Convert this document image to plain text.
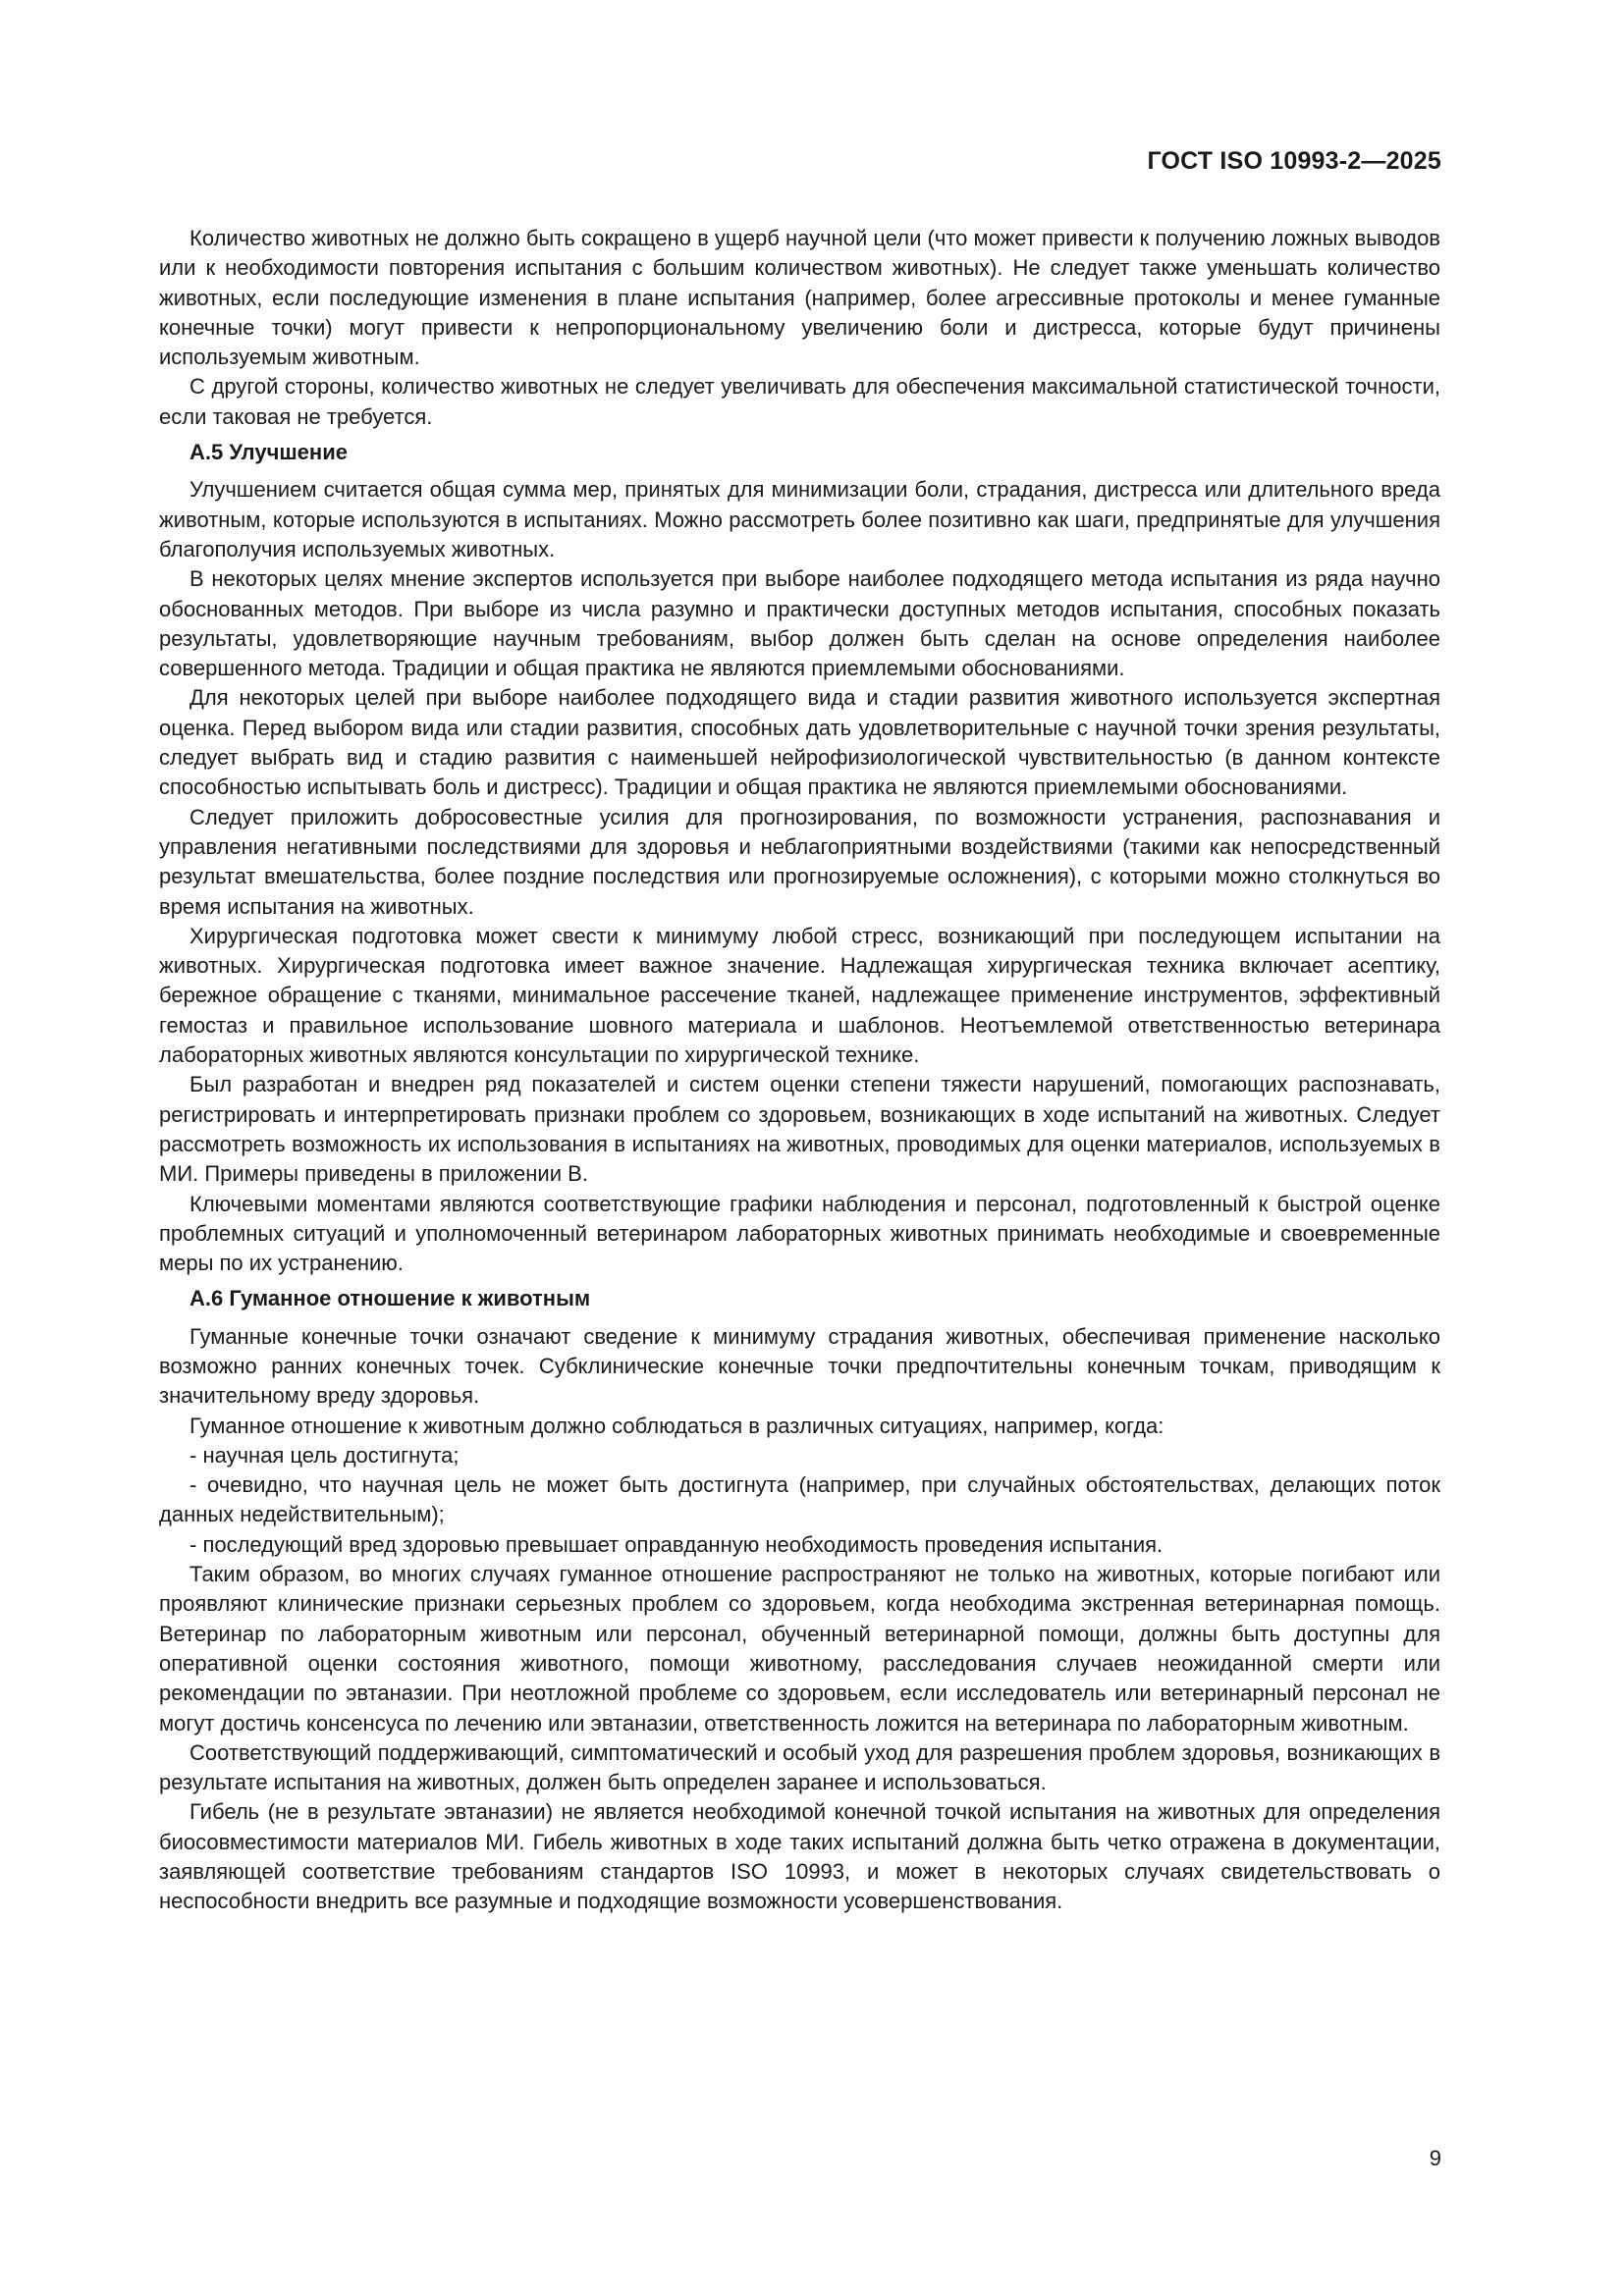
ГОСТ ISO 10993-2—2025

Количество животных не должно быть сокращено в ущерб научной цели (что может привести к получению ложных выводов или к необходимости повторения испытания с большим количеством животных). Не следует также уменьшать количество животных, если последующие изменения в плане испытания (например, более агрессивные протоколы и менее гуманные конечные точки) могут привести к непропорциональному увеличению боли и дистресса, которые будут причинены используемым животным.

С другой стороны, количество животных не следует увеличивать для обеспечения максимальной статистической точности, если таковая не требуется.

А.5 Улучшение

Улучшением считается общая сумма мер, принятых для минимизации боли, страдания, дистресса или длительного вреда животным, которые используются в испытаниях. Можно рассмотреть более позитивно как шаги, предпринятые для улучшения благополучия используемых животных.

В некоторых целях мнение экспертов используется при выборе наиболее подходящего метода испытания из ряда научно обоснованных методов. При выборе из числа разумно и практически доступных методов испытания, способных показать результаты, удовлетворяющие научным требованиям, выбор должен быть сделан на основе определения наиболее совершенного метода. Традиции и общая практика не являются приемлемыми обоснованиями.

Для некоторых целей при выборе наиболее подходящего вида и стадии развития животного используется экспертная оценка. Перед выбором вида или стадии развития, способных дать удовлетворительные с научной точки зрения результаты, следует выбрать вид и стадию развития с наименьшей нейрофизиологической чувствительностью (в данном контексте способностью испытывать боль и дистресс). Традиции и общая практика не являются приемлемыми обоснованиями.

Следует приложить добросовестные усилия для прогнозирования, по возможности устранения, распознавания и управления негативными последствиями для здоровья и неблагоприятными воздействиями (такими как непосредственный результат вмешательства, более поздние последствия или прогнозируемые осложнения), с которыми можно столкнуться во время испытания на животных.

Хирургическая подготовка может свести к минимуму любой стресс, возникающий при последующем испытании на животных. Хирургическая подготовка имеет важное значение. Надлежащая хирургическая техника включает асептику, бережное обращение с тканями, минимальное рассечение тканей, надлежащее применение инструментов, эффективный гемостаз и правильное использование шовного материала и шаблонов. Неотъемлемой ответственностью ветеринара лабораторных животных являются консультации по хирургической технике.

Был разработан и внедрен ряд показателей и систем оценки степени тяжести нарушений, помогающих распознавать, регистрировать и интерпретировать признаки проблем со здоровьем, возникающих в ходе испытаний на животных. Следует рассмотреть возможность их использования в испытаниях на животных, проводимых для оценки материалов, используемых в МИ. Примеры приведены в приложении В.

Ключевыми моментами являются соответствующие графики наблюдения и персонал, подготовленный к быстрой оценке проблемных ситуаций и уполномоченный ветеринаром лабораторных животных принимать необходимые и своевременные меры по их устранению.

А.6 Гуманное отношение к животным

Гуманные конечные точки означают сведение к минимуму страдания животных, обеспечивая применение насколько возможно ранних конечных точек. Субклинические конечные точки предпочтительны конечным точкам, приводящим к значительному вреду здоровья.

Гуманное отношение к животным должно соблюдаться в различных ситуациях, например, когда:

- научная цель достигнута;

- очевидно, что научная цель не может быть достигнута (например, при случайных обстоятельствах, делающих поток данных недействительным);

- последующий вред здоровью превышает оправданную необходимость проведения испытания.

Таким образом, во многих случаях гуманное отношение распространяют не только на животных, которые погибают или проявляют клинические признаки серьезных проблем со здоровьем, когда необходима экстренная ветеринарная помощь. Ветеринар по лабораторным животным или персонал, обученный ветеринарной помощи, должны быть доступны для оперативной оценки состояния животного, помощи животному, расследования случаев неожиданной смерти или рекомендации по эвтаназии. При неотложной проблеме со здоровьем, если исследователь или ветеринарный персонал не могут достичь консенсуса по лечению или эвтаназии, ответственность ложится на ветеринара по лабораторным животным.

Соответствующий поддерживающий, симптоматический и особый уход для разрешения проблем здоровья, возникающих в результате испытания на животных, должен быть определен заранее и использоваться.

Гибель (не в результате эвтаназии) не является необходимой конечной точкой испытания на животных для определения биосовместимости материалов МИ. Гибель животных в ходе таких испытаний должна быть четко отражена в документации, заявляющей соответствие требованиям стандартов ISO 10993, и может в некоторых случаях свидетельствовать о неспособности внедрить все разумные и подходящие возможности усовершенствования.

9
